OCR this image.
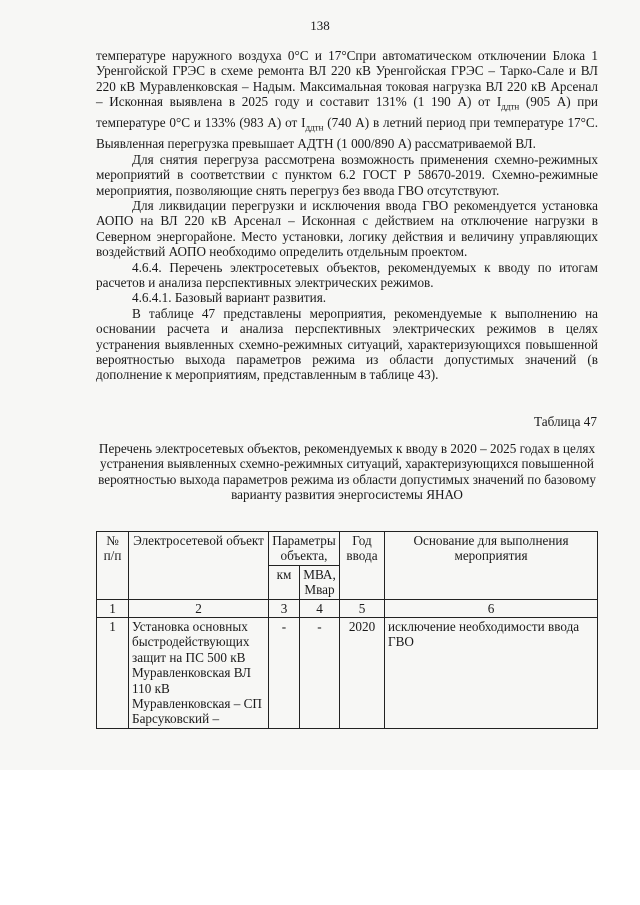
138

температуре наружного воздуха 0°C и 17°Спри автоматическом отключении Блока 1 Уренгойской ГРЭС в схеме ремонта ВЛ 220 кВ Уренгойская ГРЭС – Тарко-Сале и ВЛ 220 кВ Муравленковская – Надым. Максимальная токовая нагрузка ВЛ 220 кВ Арсенал – Исконная выявлена в 2025 году и составит 131% (1 190 А) от $I_{ддтн}$ (905 А) при температуре 0°C и 133% (983 А) от $I_{ддтн}$ (740 А) в летний период при температуре 17°C. Выявленная перегрузка превышает АДТН (1 000/890 А) рассматриваемой ВЛ.

Для снятия перегруза рассмотрена возможность применения схемно-режимных мероприятий в соответствии с пунктом 6.2 ГОСТ Р 58670-2019. Схемно-режимные мероприятия, позволяющие снять перегруз без ввода ГВО отсутствуют.

Для ликвидации перегрузки и исключения ввода ГВО рекомендуется установка АОПО на ВЛ 220 кВ Арсенал – Исконная с действием на отключение нагрузки в Северном энергорайоне. Место установки, логику действия и величину управляющих воздействий АОПО необходимо определить отдельным проектом.

4.6.4. Перечень электросетевых объектов, рекомендуемых к вводу по итогам расчетов и анализа перспективных электрических режимов.

4.6.4.1. Базовый вариант развития.

В таблице 47 представлены мероприятия, рекомендуемые к выполнению на основании расчета и анализа перспективных электрических режимов в целях устранения выявленных схемно-режимных ситуаций, характеризующихся повышенной вероятностью выхода параметров режима из области допустимых значений (в дополнение к мероприятиям, представленным в таблице 43).

Таблица 47
Перечень электросетевых объектов, рекомендуемых к вводу в 2020 – 2025 годах в целях устранения выявленных схемно-режимных ситуаций, характеризующихся повышенной вероятностью выхода параметров режима из области допустимых значений по базовому варианту развития энергосистемы ЯНАО
№ п/п	Электросетевой объект	Параметры объекта,		Год ввода	Основание для выполнения мероприятия
		км	МВА, Мвар		
1	2	3	4	5	6
1	Установка основных быстродействующих защит на ПС 500 кВ Муравленковская ВЛ 110 кВ Муравленковская – СП Барсуковский –	-	-	2020	исключение необходимости ввода ГВО
